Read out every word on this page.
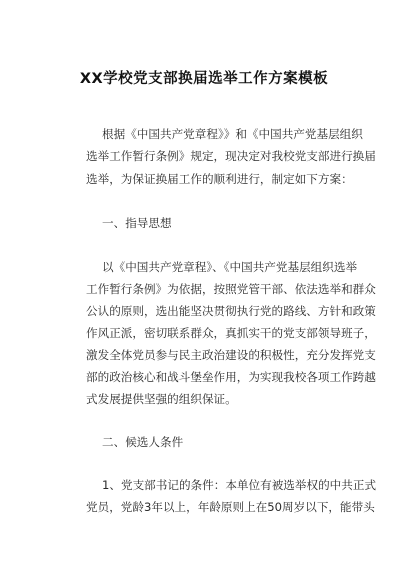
XX学校党支部换届选举工作方案模板
根据《中国共产党章程》》和《中国共产党基层组织
选举工作暂行条例》规定，现决定对我校党支部进行换届
选举，为保证换届工作的顺利进行，制定如下方案：
一、指导思想
以《中国共产党章程》、《中国共产党基层组织选举
工作暂行条例》为依据，按照党管干部、依法选举和群众
公认的原则，选出能坚决贯彻执行党的路线、方针和政策
作风正派，密切联系群众，真抓实干的党支部领导班子，
激发全体党员参与民主政治建设的积极性，充分发挥党支
部的政治核心和战斗堡垒作用，为实现我校各项工作跨越
式发展提供坚强的组织保证。
二、候选人条件
1、党支部书记的条件：本单位有被选举权的中共正式
党员，党龄3年以上，年龄原则上在50周岁以下，能带头
